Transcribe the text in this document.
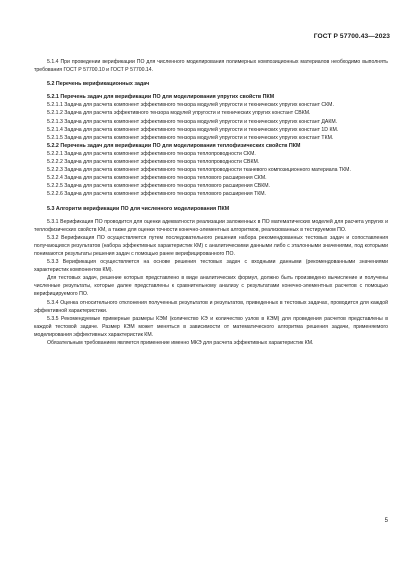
ГОСТ Р 57700.43—2023

5.1.4 При проведении верификации ПО для численного моделирования полимерных композиционных материалов необходимо выполнять требования ГОСТ Р 57700.10 и ГОСТ Р 57700.14.

5.2 Перечень верификационных задач

5.2.1 Перечень задач для верификации ПО для моделирования упругих свойств ПКМ

5.2.1.1 Задача для расчета компонент эффективного тензора модулей упругости и технических упругих констант СКМ.

5.2.1.2 Задача для расчета эффективного тензора модулей упругости и технических упругих констант СВКМ.

5.2.1.3 Задача для расчета компонент эффективного тензора модулей упругости и технических упругих констант ДАКМ.

5.2.1.4 Задача для расчета компонент эффективного тензора модулей упругости и технических упругих констант 1D КМ.

5.2.1.5 Задача для расчета компонент эффективного тензора модулей упругости и технических упругих констант ТКМ.

5.2.2 Перечень задач для верификации ПО для моделирования теплофизических свойств ПКМ

5.2.2.1 Задача для расчета компонент эффективного тензора теплопроводности СКМ.

5.2.2.2 Задача для расчета компонент эффективного тензора теплопроводности СВКМ.

5.2.2.3 Задача для расчета компонент эффективного тензора теплопроводности тканевого композиционного материала ТКМ.

5.2.2.4 Задача для расчета компонент эффективного тензора теплового расширения СКМ.

5.2.2.5 Задача для расчета компонент эффективного тензора теплового расширения СВКМ.

5.2.2.6 Задача для расчета компонент эффективного тензора теплового расширения ТКМ.

5.3 Алгоритм верификации ПО для численного моделирования ПКМ

5.3.1 Верификация ПО проводится для оценки адекватности реализации заложенных в ПО математических моделей для расчета упругих и теплофизических свойств КМ, а также для оценки точности конечно-элементных алгоритмов, реализованных в тестируемом ПО.

5.3.2 Верификация ПО осуществляется путем последовательного решения набора рекомендованных тестовых задач и сопоставления получающихся результатов (набора эффективных характеристик КМ) с аналитическими данными либо с эталонными значениями, под которыми понимаются результаты решения задач с помощью ранее верифицированного ПО.

5.3.3 Верификация осуществляется на основе решения тестовых задач с входными данными (рекомендованными значениями характеристик компонентов КМ).

Для тестовых задач, решение которых представлено в виде аналитических формул, должно быть произведено вычисление и получены численные результаты, которые далее представлены к сравнительному анализу с результатами конечно-элементных расчетов с помощью верифицируемого ПО.

5.3.4 Оценка относительного отклонения полученных результатов и результатов, приведенных в тестовых задачах, проводится для каждой эффективной характеристики.

5.3.5 Рекомендуемые примерные размеры КЭМ (количество КЭ и количество узлов в КЭМ) для проведения расчетов представлены в каждой тестовой задаче. Размер КЭМ может меняться в зависимости от математического алгоритма решения задачи, применяемого моделирования эффективных характеристик КМ.

Обязательным требованием является применение именно МКЭ для расчета эффективных характеристик КМ.

5
